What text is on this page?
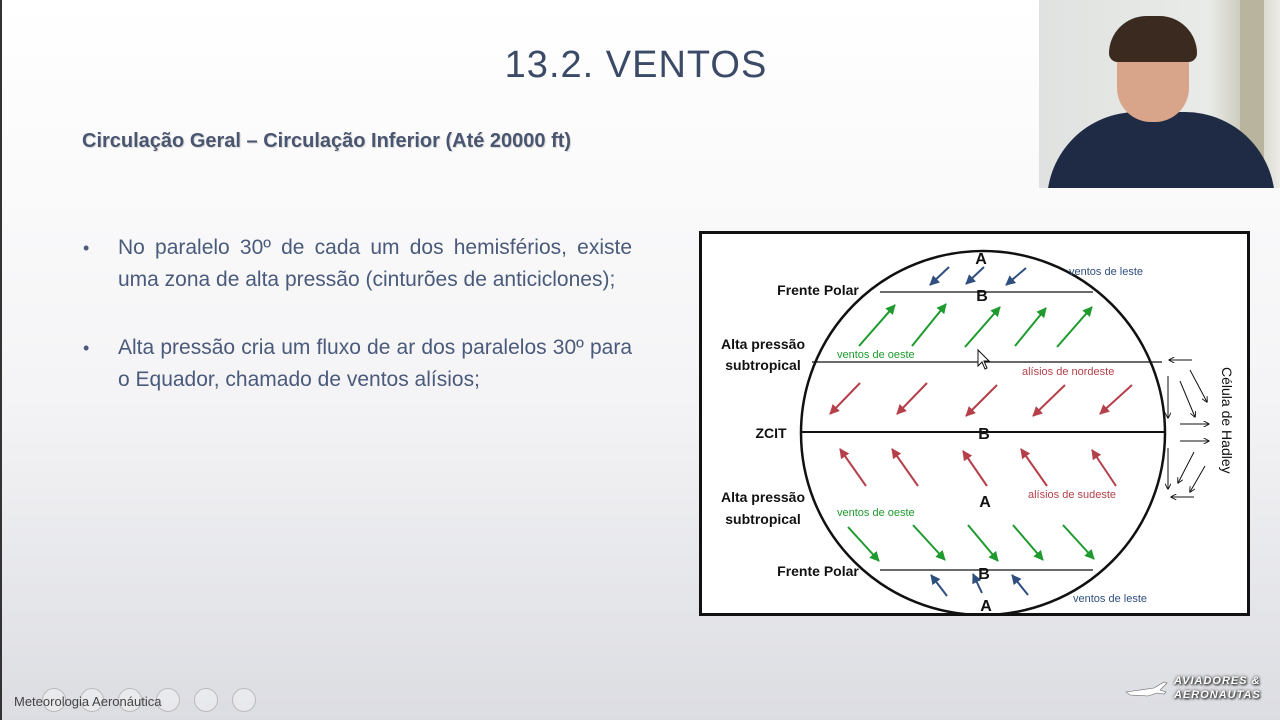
13.2. VENTOS
Circulação Geral – Circulação Inferior (Até 20000 ft)
• No paralelo 30º de cada um dos hemisférios, existe uma zona de alta pressão (cinturões de anticiclones);
• Alta pressão cria um fluxo de ar dos paralelos 30º para o Equador, chamado de ventos alísios;
A
B
B
A
B
A
Frente Polar
Alta pressão
subtropical
ZCIT
Alta pressão
subtropical
Frente Polar
ventos de leste
ventos de oeste
alísios de nordeste
alísios de sudeste
ventos de oeste
ventos de leste
Célula de Hadley
Meteorologia Aeronáutica
AVIADORES &
AERONAUTAS
